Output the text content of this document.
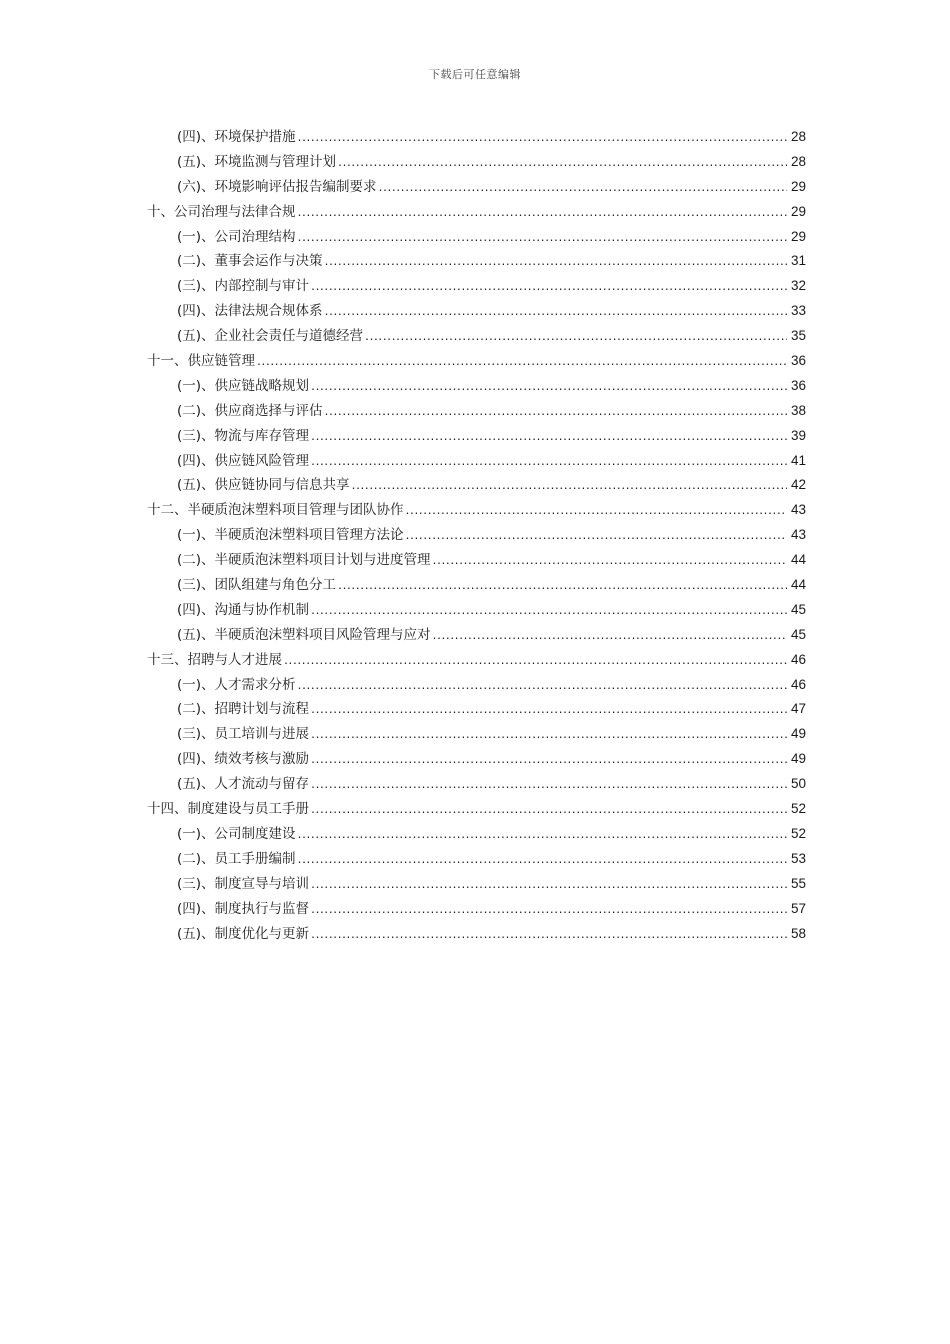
下载后可任意编辑
(四)、环境保护措施 .....	28
(五)、环境监测与管理计划 .....	28
(六)、环境影响评估报告编制要求 .....	29
十、公司治理与法律合规 .....	29
(一)、公司治理结构 .....	29
(二)、董事会运作与决策 .....	31
(三)、内部控制与审计 .....	32
(四)、法律法规合规体系 .....	33
(五)、企业社会责任与道德经营 .....	35
十一、供应链管理 .....	36
(一)、供应链战略规划 .....	36
(二)、供应商选择与评估 .....	38
(三)、物流与库存管理 .....	39
(四)、供应链风险管理 .....	41
(五)、供应链协同与信息共享 .....	42
十二、半硬质泡沫塑料项目管理与团队协作 .....	43
(一)、半硬质泡沫塑料项目管理方法论 .....	43
(二)、半硬质泡沫塑料项目计划与进度管理 .....	44
(三)、团队组建与角色分工 .....	44
(四)、沟通与协作机制 .....	45
(五)、半硬质泡沫塑料项目风险管理与应对 .....	45
十三、招聘与人才进展 .....	46
(一)、人才需求分析 .....	46
(二)、招聘计划与流程 .....	47
(三)、员工培训与进展 .....	49
(四)、绩效考核与激励 .....	49
(五)、人才流动与留存 .....	50
十四、制度建设与员工手册 .....	52
(一)、公司制度建设 .....	52
(二)、员工手册编制 .....	53
(三)、制度宣导与培训 .....	55
(四)、制度执行与监督 .....	57
(五)、制度优化与更新 .....	58
